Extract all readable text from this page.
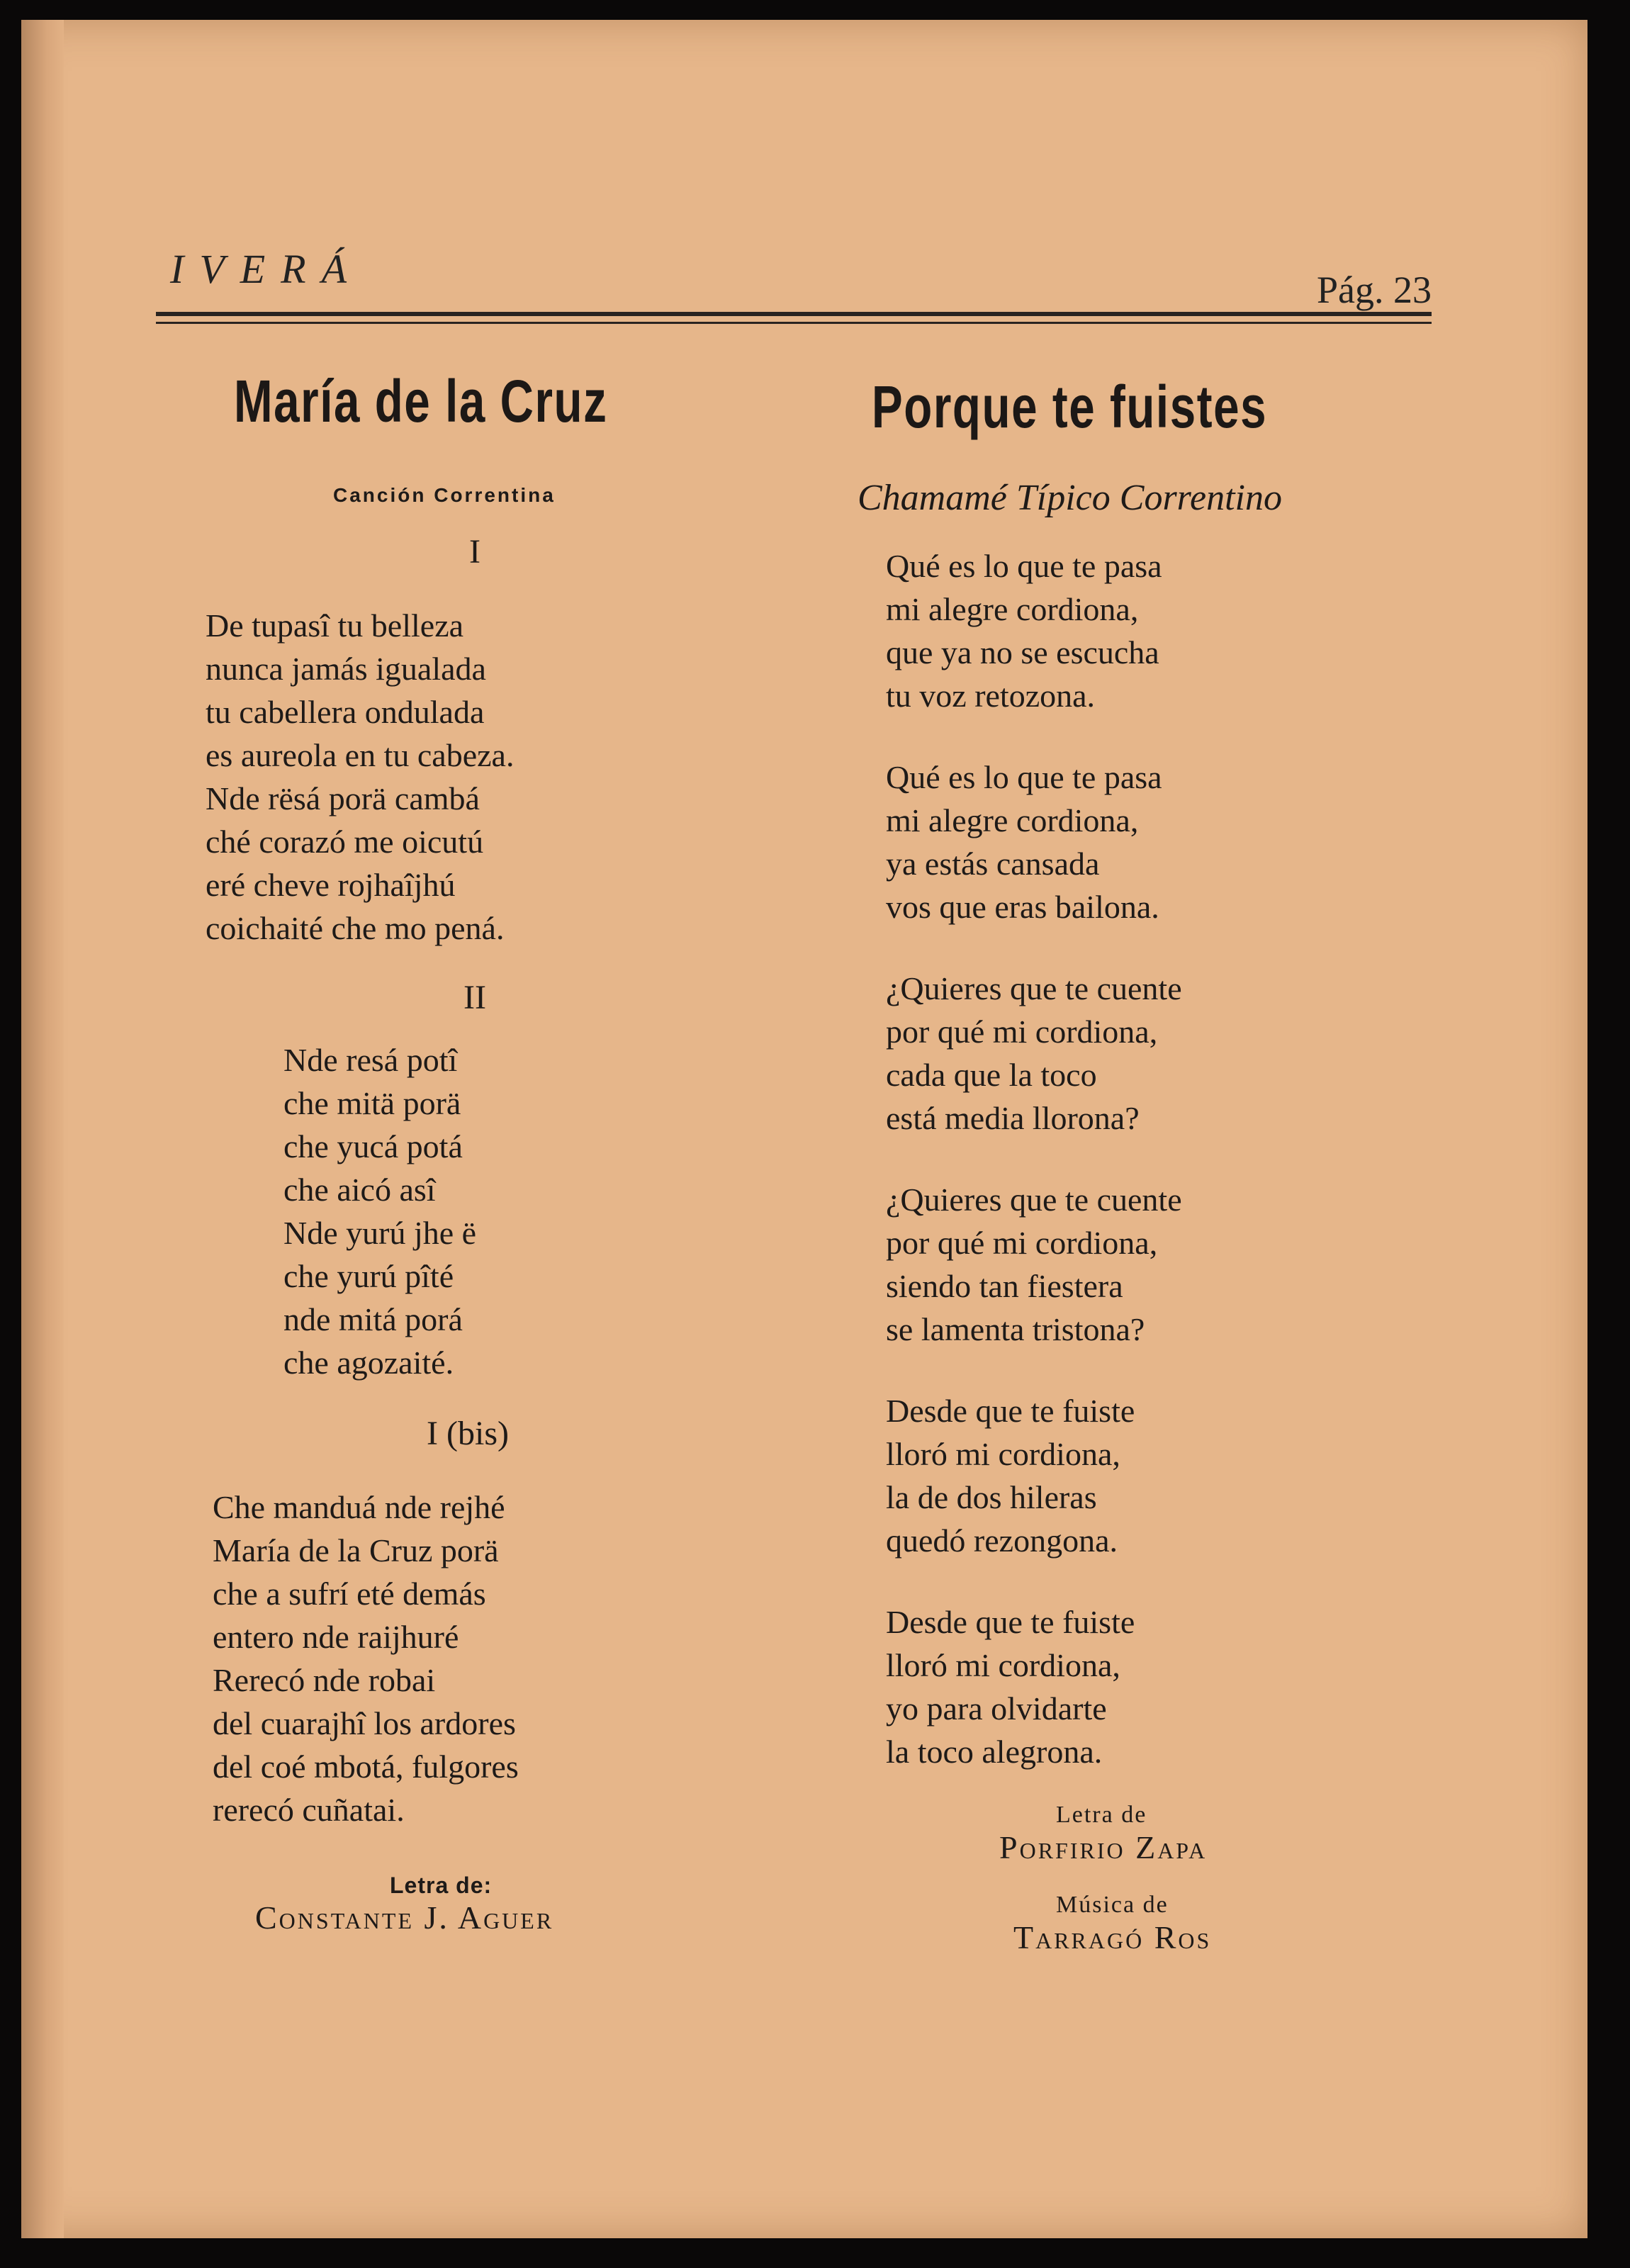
IVERÁ	Pág. 23
María de la Cruz

Canción Correntina

I

De tupasî tu belleza
nunca jamás igualada
tu cabellera ondulada
es aureola en tu cabeza.
Nde rësá porä cambá
ché corazó me oicutú
eré cheve rojhaîjhú
coichaité che mo pená.

II

Nde resá potî
che mitä porä
che yucá potá
che aicó asî
Nde yurú jhe ë
che yurú pîté
nde mitá porá
che agozaité.

I (bis)

Che manduá nde rejhé
María de la Cruz porä
che a sufrí eté demás
entero nde raijhuré
Rerecó nde robai
del cuarajhî los ardores
del coé mbotá, fulgores
rerecó cuñatai.
Letra de:
Constante J. Aguer
Porque te fuistes

Chamamé Típico Correntino

Qué es lo que te pasa
mi alegre cordiona,
que ya no se escucha
tu voz retozona.
Qué es lo que te pasa
mi alegre cordiona,
ya estás cansada
vos que eras bailona.
¿Quieres que te cuente
por qué mi cordiona,
cada que la toco
está media llorona?
¿Quieres que te cuente
por qué mi cordiona,
siendo tan fiestera
se lamenta tristona?
Desde que te fuiste
lloró mi cordiona,
la de dos hileras
quedó rezongona.
Desde que te fuiste
lloró mi cordiona,
yo para olvidarte
la toco alegrona.
Letra de
Porfirio Zapa
Música de
Tarragó Ros
